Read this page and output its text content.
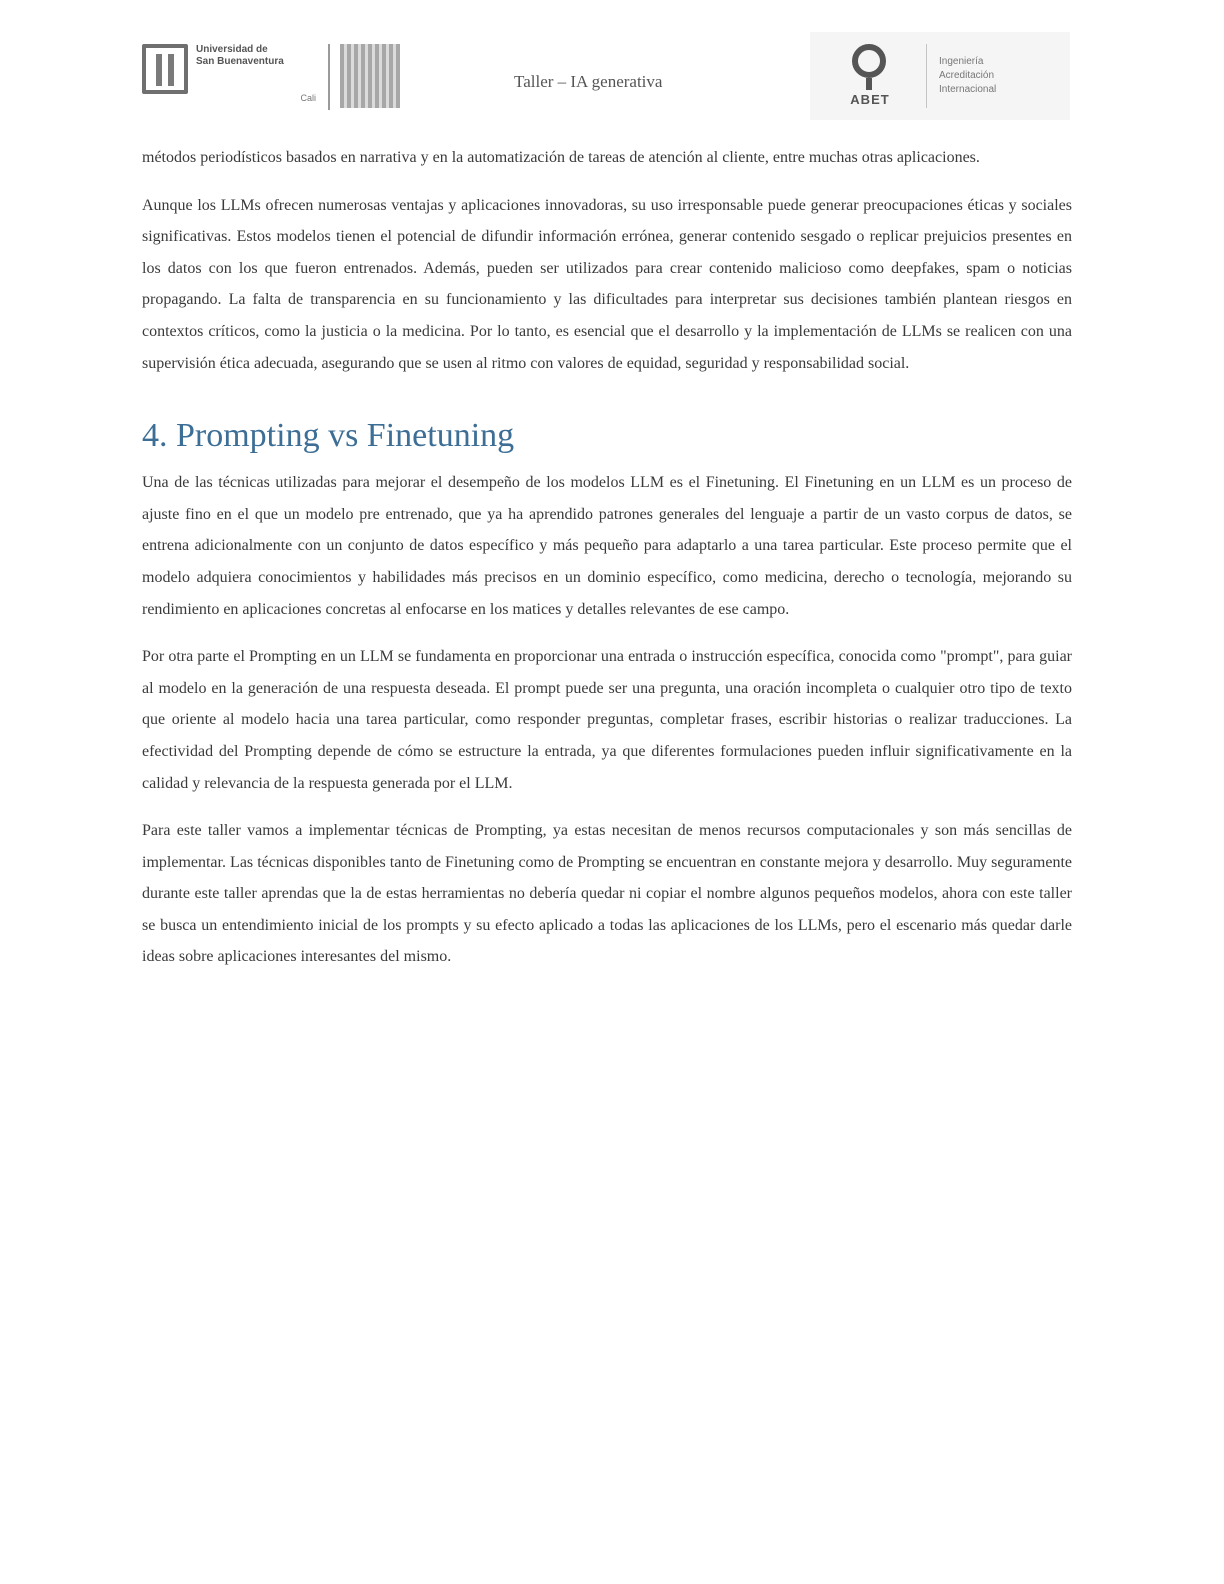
Universidad de
San Buenaventura
Cali
Taller – IA generativa
ABET
Ingeniería
Acreditación
Internacional

métodos periodísticos basados en narrativa y en la automatización de tareas de atención al cliente, entre muchas otras aplicaciones.

Aunque los LLMs ofrecen numerosas ventajas y aplicaciones innovadoras, su uso irresponsable puede generar preocupaciones éticas y sociales significativas. Estos modelos tienen el potencial de difundir información errónea, generar contenido sesgado o replicar prejuicios presentes en los datos con los que fueron entrenados. Además, pueden ser utilizados para crear contenido malicioso como deepfakes, spam o noticias propagando. La falta de transparencia en su funcionamiento y las dificultades para interpretar sus decisiones también plantean riesgos en contextos críticos, como la justicia o la medicina. Por lo tanto, es esencial que el desarrollo y la implementación de LLMs se realicen con una supervisión ética adecuada, asegurando que se usen al ritmo con valores de equidad, seguridad y responsabilidad social.

4. Prompting vs Finetuning

Una de las técnicas utilizadas para mejorar el desempeño de los modelos LLM es el Finetuning. El Finetuning en un LLM es un proceso de ajuste fino en el que un modelo pre entrenado, que ya ha aprendido patrones generales del lenguaje a partir de un vasto corpus de datos, se entrena adicionalmente con un conjunto de datos específico y más pequeño para adaptarlo a una tarea particular. Este proceso permite que el modelo adquiera conocimientos y habilidades más precisos en un dominio específico, como medicina, derecho o tecnología, mejorando su rendimiento en aplicaciones concretas al enfocarse en los matices y detalles relevantes de ese campo.

Por otra parte el Prompting en un LLM se fundamenta en proporcionar una entrada o instrucción específica, conocida como "prompt", para guiar al modelo en la generación de una respuesta deseada. El prompt puede ser una pregunta, una oración incompleta o cualquier otro tipo de texto que oriente al modelo hacia una tarea particular, como responder preguntas, completar frases, escribir historias o realizar traducciones. La efectividad del Prompting depende de cómo se estructure la entrada, ya que diferentes formulaciones pueden influir significativamente en la calidad y relevancia de la respuesta generada por el LLM.

Para este taller vamos a implementar técnicas de Prompting, ya estas necesitan de menos recursos computacionales y son más sencillas de implementar. Las técnicas disponibles tanto de Finetuning como de Prompting se encuentran en constante mejora y desarrollo. Muy seguramente durante este taller aprendas que la de estas herramientas no debería quedar ni copiar el nombre algunos pequeños modelos, ahora con este taller se busca un entendimiento inicial de los prompts y su efecto aplicado a todas las aplicaciones de los LLMs, pero el escenario más quedar darle ideas sobre aplicaciones interesantes del mismo.
